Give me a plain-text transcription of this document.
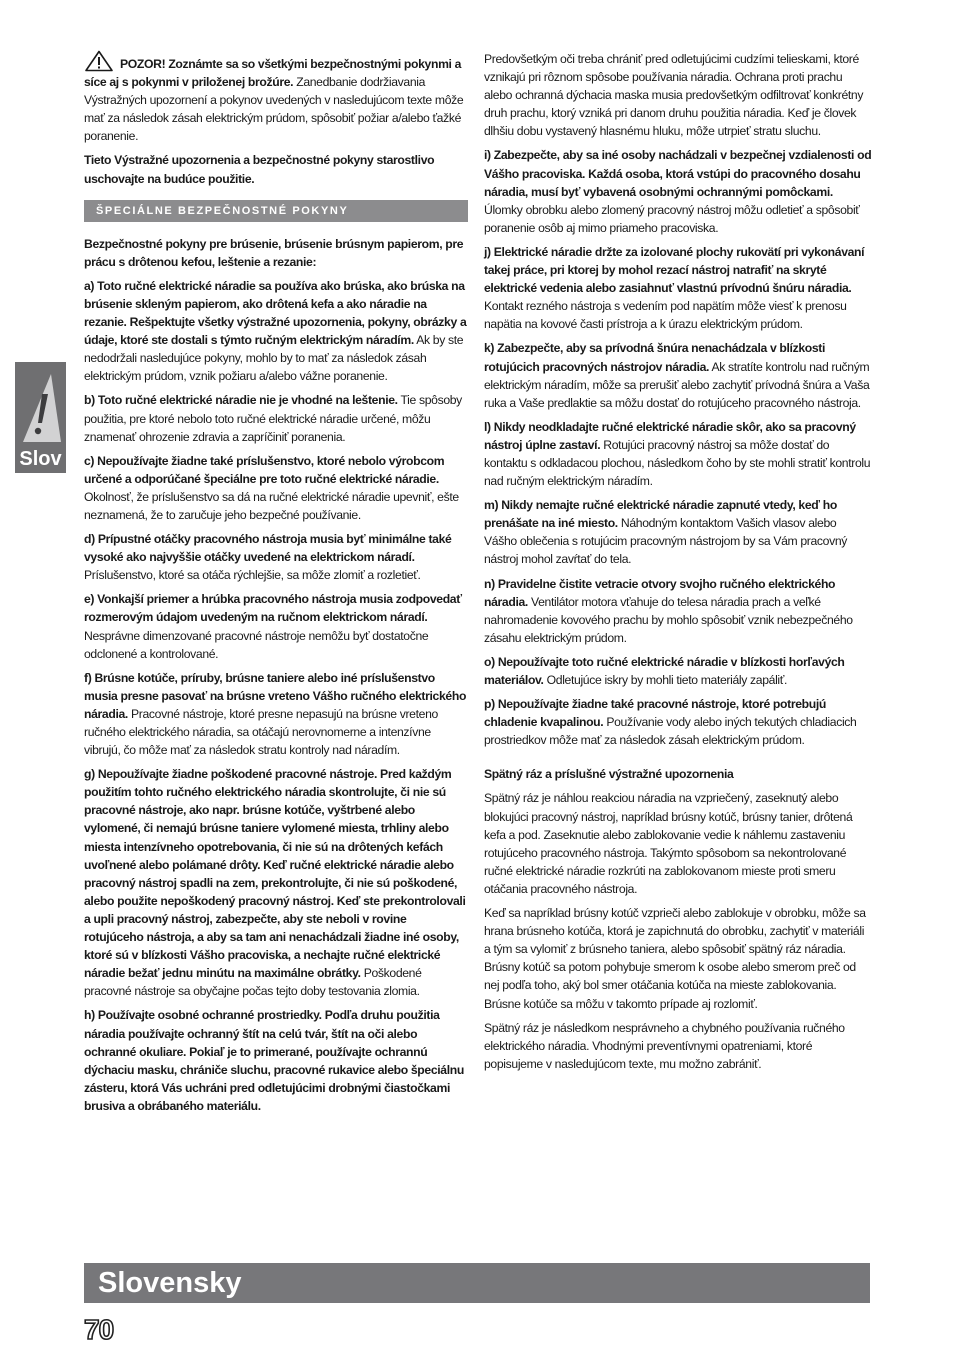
Slov

POZOR! Zoznámte sa so všetkými bezpečnostnými pokynmi a síce aj s pokynmi v priloženej brožúre. Zanedbanie dodržiavania Výstražných upozornení a pokynov uvedených v nasledujúcom texte môže mať za následok zásah elektrickým prúdom, spôsobiť požiar a/alebo ťažké poranenie.

Tieto Výstražné upozornenia a bezpečnostné pokyny starostlivo uschovajte na budúce použitie.

ŠPECIÁLNE BEZPEČNOSTNÉ POKYNY

Bezpečnostné pokyny pre brúsenie, brúsenie brúsnym papierom, pre prácu s drôtenou kefou, leštenie a rezanie:

a) Toto ručné elektrické náradie sa používa ako brúska, ako brúska na brúsenie skleným papierom, ako drôtená kefa a ako náradie na rezanie. Rešpektujte všetky výstražné upozornenia, pokyny, obrázky a údaje, ktoré ste dostali s týmto ručným elektrickým náradím. Ak by ste nedodržali nasledujúce pokyny, mohlo by to mať za následok zásah elektrickým prúdom, vznik požiaru a/alebo vážne poranenie.

b) Toto ručné elektrické náradie nie je vhodné na leštenie. Tie spôsoby použitia, pre ktoré nebolo toto ručné elektrické náradie určené, môžu znamenať ohrozenie zdravia a zapríčiniť poranenia.

c) Nepoužívajte žiadne také príslušenstvo, ktoré nebolo výrobcom určené a odporúčané špeciálne pre toto ručné elektrické náradie. Okolnosť, že príslušenstvo sa dá na ručné elektrické náradie upevniť, ešte neznamená, že to zaručuje jeho bezpečné používanie.

d) Prípustné otáčky pracovného nástroja musia byť minimálne také vysoké ako najvyššie otáčky uvedené na elektrickom náradí. Príslušenstvo, ktoré sa otáča rýchlejšie, sa môže zlomiť a rozletieť.

e) Vonkajší priemer a hrúbka pracovného nástroja musia zodpovedať rozmerovým údajom uvedeným na ručnom elektrickom náradí. Nesprávne dimenzované pracovné nástroje nemôžu byť dostatočne odclonené a kontrolované.

f) Brúsne kotúče, príruby, brúsne taniere alebo iné príslušenstvo musia presne pasovať na brúsne vreteno Vášho ručného elektrického náradia. Pracovné nástroje, ktoré presne nepasujú na brúsne vreteno ručného elektrického náradia, sa otáčajú nerovnomerne a intenzívne vibrujú, čo môže mať za následok stratu kontroly nad náradím.

g) Nepoužívajte žiadne poškodené pracovné nástroje. Pred každým použitím tohto ručného elektrického náradia skontrolujte, či nie sú pracovné nástroje, ako napr. brúsne kotúče, vyštrbené alebo vylomené, či nemajú brúsne taniere vylomené miesta, trhliny alebo miesta intenzívneho opotrebovania, či nie sú na drôtených kefách uvoľnené alebo polámané drôty. Keď ručné elektrické náradie alebo pracovný nástroj spadli na zem, prekontrolujte, či nie sú poškodené, alebo použite nepoškodený pracovný nástroj. Keď ste prekontrolovali a upli pracovný nástroj, zabezpečte, aby ste neboli v rovine rotujúceho nástroja, a aby sa tam ani nenachádzali žiadne iné osoby, ktoré sú v blízkosti Vášho pracoviska, a nechajte ručné elektrické náradie bežať jednu minútu na maximálne obrátky. Poškodené pracovné nástroje sa obyčajne počas tejto doby testovania zlomia.

h) Používajte osobné ochranné prostriedky. Podľa druhu použitia náradia používajte ochranný štít na celú tvár, štít na oči alebo ochranné okuliare. Pokiaľ je to primerané, používajte ochrannú dýchaciu masku, chrániče sluchu, pracovné rukavice alebo špeciálnu zásteru, ktorá Vás uchráni pred odletujúcimi drobnými čiastočkami brusiva a obrábaného materiálu.

Predovšetkým oči treba chrániť pred odletujúcimi cudzími telieskami, ktoré vznikajú pri rôznom spôsobe používania náradia. Ochrana proti prachu alebo ochranná dýchacia maska musia predovšetkým odfiltrovať konkrétny druh prachu, ktorý vzniká pri danom druhu použitia náradia. Keď je človek dlhšiu dobu vystavený hlasnému hluku, môže utrpieť stratu sluchu.

i) Zabezpečte, aby sa iné osoby nachádzali v bezpečnej vzdialenosti od Vášho pracoviska. Každá osoba, ktorá vstúpi do pracovného dosahu náradia, musí byť vybavená osobnými ochrannými pomôckami. Úlomky obrobku alebo zlomený pracovný nástroj môžu odletieť a spôsobiť poranenie osôb aj mimo priameho pracoviska.

j) Elektrické náradie držte za izolované plochy rukovätí pri vykonávaní takej práce, pri ktorej by mohol rezací nástroj natrafiť na skryté elektrické vedenia alebo zasiahnuť vlastnú prívodnú šnúru náradia. Kontakt rezného nástroja s vedením pod napätím môže viesť k prenosu napätia na kovové časti prístroja a k úrazu elektrickým prúdom.

k) Zabezpečte, aby sa prívodná šnúra nenachádzala v blízkosti rotujúcich pracovných nástrojov náradia. Ak stratíte kontrolu nad ručným elektrickým náradím, môže sa prerušiť alebo zachytiť prívodná šnúra a Vaša ruka a Vaše predlaktie sa môžu dostať do rotujúceho pracovného nástroja.

l) Nikdy neodkladajte ručné elektrické náradie skôr, ako sa pracovný nástroj úplne zastaví. Rotujúci pracovný nástroj sa môže dostať do kontaktu s odkladacou plochou, následkom čoho by ste mohli stratiť kontrolu nad ručným elektrickým náradím.

m) Nikdy nemajte ručné elektrické náradie zapnuté vtedy, keď ho prenášate na iné miesto. Náhodným kontaktom Vašich vlasov alebo Vášho oblečenia s rotujúcim pracovným nástrojom by sa Vám pracovný nástroj mohol zavŕtať do tela.

n) Pravidelne čistite vetracie otvory svojho ručného elektrického náradia. Ventilátor motora vťahuje do telesa náradia prach a veľké nahromadenie kovového prachu by mohlo spôsobiť vznik nebezpečného zásahu elektrickým prúdom.

o) Nepoužívajte toto ručné elektrické náradie v blízkosti horľavých materiálov. Odletujúce iskry by mohli tieto materiály zapáliť.

p) Nepoužívajte žiadne také pracovné nástroje, ktoré potrebujú chladenie kvapalinou. Používanie vody alebo iných tekutých chladiacich prostriedkov môže mať za následok zásah elektrickým prúdom.

Spätný ráz a príslušné výstražné upozornenia

Spätný ráz je náhlou reakciou náradia na vzpriečený, zaseknutý alebo blokujúci pracovný nástroj, napríklad brúsny kotúč, brúsny tanier, drôtená kefa a pod. Zaseknutie alebo zablokovanie vedie k náhlemu zastaveniu rotujúceho pracovného nástroja. Takýmto spôsobom sa nekontrolované ručné elektrické náradie rozkrúti na zablokovanom mieste proti smeru otáčania pracovného nástroja.

Keď sa napríklad brúsny kotúč vzprieči alebo zablokuje v obrobku, môže sa hrana brúsneho kotúča, ktorá je zapichnutá do obrobku, zachytiť v materiáli a tým sa vylomiť z brúsneho taniera, alebo spôsobiť spätný ráz náradia. Brúsny kotúč sa potom pohybuje smerom k osobe alebo smerom preč od nej podľa toho, aký bol smer otáčania kotúča na mieste zablokovania. Brúsne kotúče sa môžu v takomto prípade aj rozlomiť.

Spätný ráz je následkom nesprávneho a chybného používania ručného elektrického náradia. Vhodnými preventívnymi opatreniami, ktoré popisujeme v nasledujúcom texte, mu možno zabrániť.

Slovensky
70
